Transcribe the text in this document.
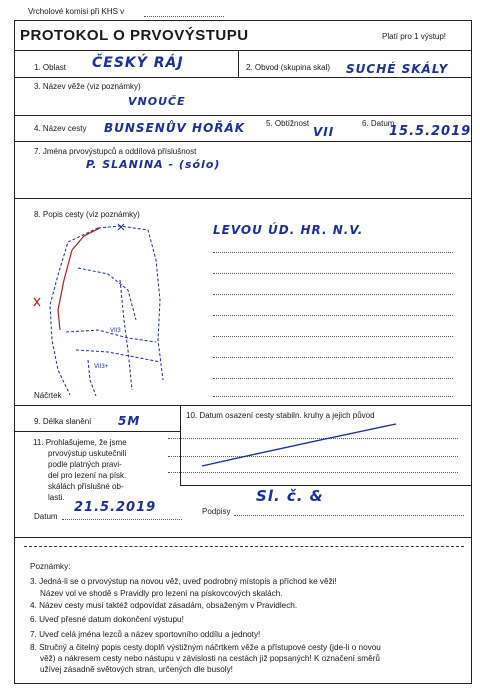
Vrcholové komisi při KHS v
PROTOKOL O PRVOVÝSTUPU	Platí pro 1 výstup!
1. Oblast ČESKÝ RÁJ	2. Obvod (skupina skal) SUCHÉ SKÁLY
3. Název věže (viz poznámky)
VNOUČE
4. Název cesty BUNSENŮV HOŘÁK	5. Obtížnost
VII
6. Datum
15.5.2019
7. Jména prvovýstupců a oddílová příslušnost
P. SLANINA - (sólo)
8. Popis cesty (viz poznámky)
LEVOU ÚD. HR. N.V.
VII3
VII3+
Náčrtek
9. Délka slanění 5M	10. Datum osazení cesty stabiln. kruhy a jejich původ
11. Prohlašujeme, že jsme
prvovýstup uskutečnili
podle platných pravi-
del pro lezení na písk.
skálách příslušné ob-
lasti.
Datum
21.5.2019	Podpisy
Sl. č. &
Poznámky:
3. Jedná-li se o prvovýstup na novou věž, uveď podrobný místopis a příchod ke věži!
Název vol ve shodě s Pravidly pro lezení na pískovcových skalách.
4. Název cesty musí taktéž odpovídat zásadám, obsaženým v Pravidlech.
6. Uveď přesné datum dokončení výstupu!
7. Uveď celá jména lezců a název sportovního oddílu a jednoty!
8. Stručný a čitelný popis cesty doplň výstižným náčrtkem věže a přístupové cesty (jde-li o novou
věž) a nákresem cesty nebo nástupu v závislosti na cestách již popsaných! K označení směrů
užívej zásadně světových stran, určených dle busoly!
